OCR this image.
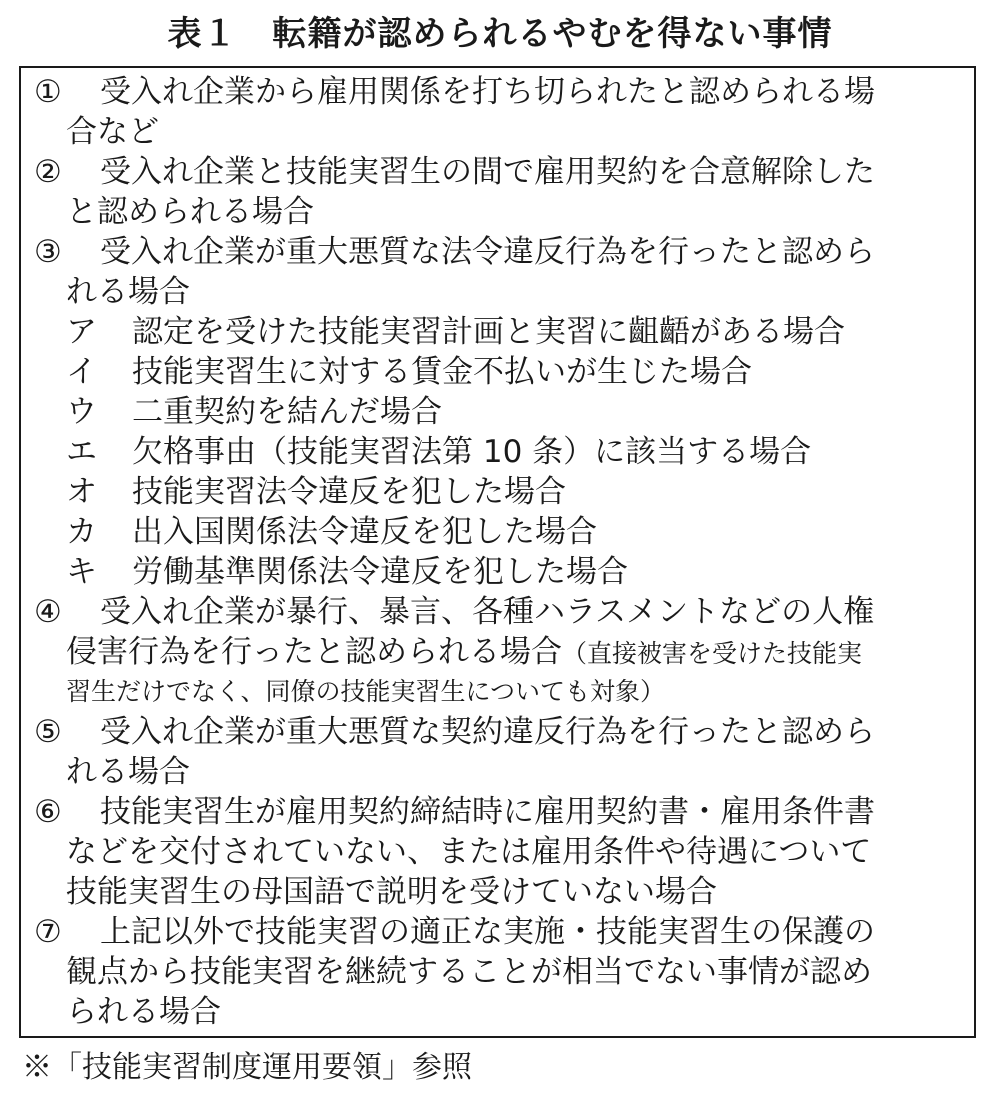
表１　転籍が認められるやむを得ない事情
① 受入れ企業から雇用関係を打ち切られたと認められる場
合など
② 受入れ企業と技能実習生の間で雇用契約を合意解除した
と認められる場合
③ 受入れ企業が重大悪質な法令違反行為を行ったと認めら
れる場合
ア 認定を受けた技能実習計画と実習に齟齬がある場合
イ 技能実習生に対する賃金不払いが生じた場合
ウ 二重契約を結んだ場合
エ 欠格事由（技能実習法第 10 条）に該当する場合
オ 技能実習法令違反を犯した場合
カ 出入国関係法令違反を犯した場合
キ 労働基準関係法令違反を犯した場合
④ 受入れ企業が暴行、暴言、各種ハラスメントなどの人権
侵害行為を行ったと認められる場合（直接被害を受けた技能実
習生だけでなく、同僚の技能実習生についても対象）
⑤ 受入れ企業が重大悪質な契約違反行為を行ったと認めら
れる場合
⑥ 技能実習生が雇用契約締結時に雇用契約書・雇用条件書
などを交付されていない、または雇用条件や待遇について
技能実習生の母国語で説明を受けていない場合
⑦ 上記以外で技能実習の適正な実施・技能実習生の保護の
観点から技能実習を継続することが相当でない事情が認め
られる場合
※「技能実習制度運用要領」参照
